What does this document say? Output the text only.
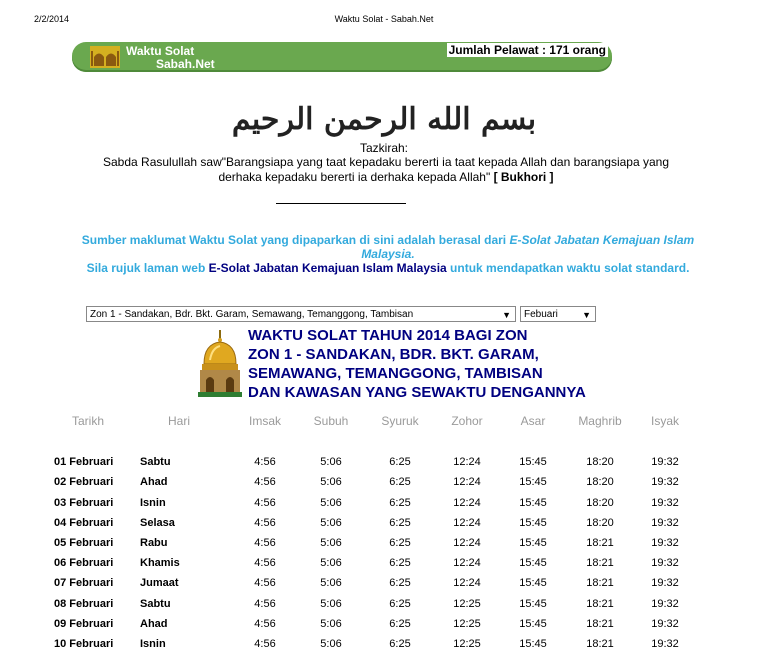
2/2/2014	Waktu Solat - Sabah.Net
Waktu Solat
Sabah.Net
Jumlah Pelawat : 171 orang
بسم الله الرحمن الرحيم
Tazkirah:
Sabda Rasulullah saw"Barangsiapa yang taat kepadaku bererti ia taat kepada Allah dan barangsiapa yang derhaka kepadaku bererti ia derhaka kepada Allah" [ Bukhori ]
Sumber maklumat Waktu Solat yang dipaparkan di sini adalah berasal dari E-Solat Jabatan Kemajuan Islam Malaysia.
Sila rujuk laman web E-Solat Jabatan Kemajuan Islam Malaysia untuk mendapatkan waktu solat standard.
Zon 1 - Sandakan, Bdr. Bkt. Garam, Semawang, Temanggong, Tambisan	▼	Febuari	▼
WAKTU SOLAT TAHUN 2014 BAGI ZON
ZON 1 - SANDAKAN, BDR. BKT. GARAM,
SEMAWANG, TEMANGGONG, TAMBISAN
DAN KAWASAN YANG SEWAKTU DENGANNYA
Tarikh	Hari	Imsak	Subuh	Syuruk	Zohor	Asar	Maghrib	Isyak

01 Februari	Sabtu	4:56	5:06	6:25	12:24	15:45	18:20	19:32
02 Februari	Ahad	4:56	5:06	6:25	12:24	15:45	18:20	19:32
03 Februari	Isnin	4:56	5:06	6:25	12:24	15:45	18:20	19:32
04 Februari	Selasa	4:56	5:06	6:25	12:24	15:45	18:20	19:32
05 Februari	Rabu	4:56	5:06	6:25	12:24	15:45	18:21	19:32
06 Februari	Khamis	4:56	5:06	6:25	12:24	15:45	18:21	19:32
07 Februari	Jumaat	4:56	5:06	6:25	12:24	15:45	18:21	19:32
08 Februari	Sabtu	4:56	5:06	6:25	12:25	15:45	18:21	19:32
09 Februari	Ahad	4:56	5:06	6:25	12:25	15:45	18:21	19:32
10 Februari	Isnin	4:56	5:06	6:25	12:25	15:45	18:21	19:32
